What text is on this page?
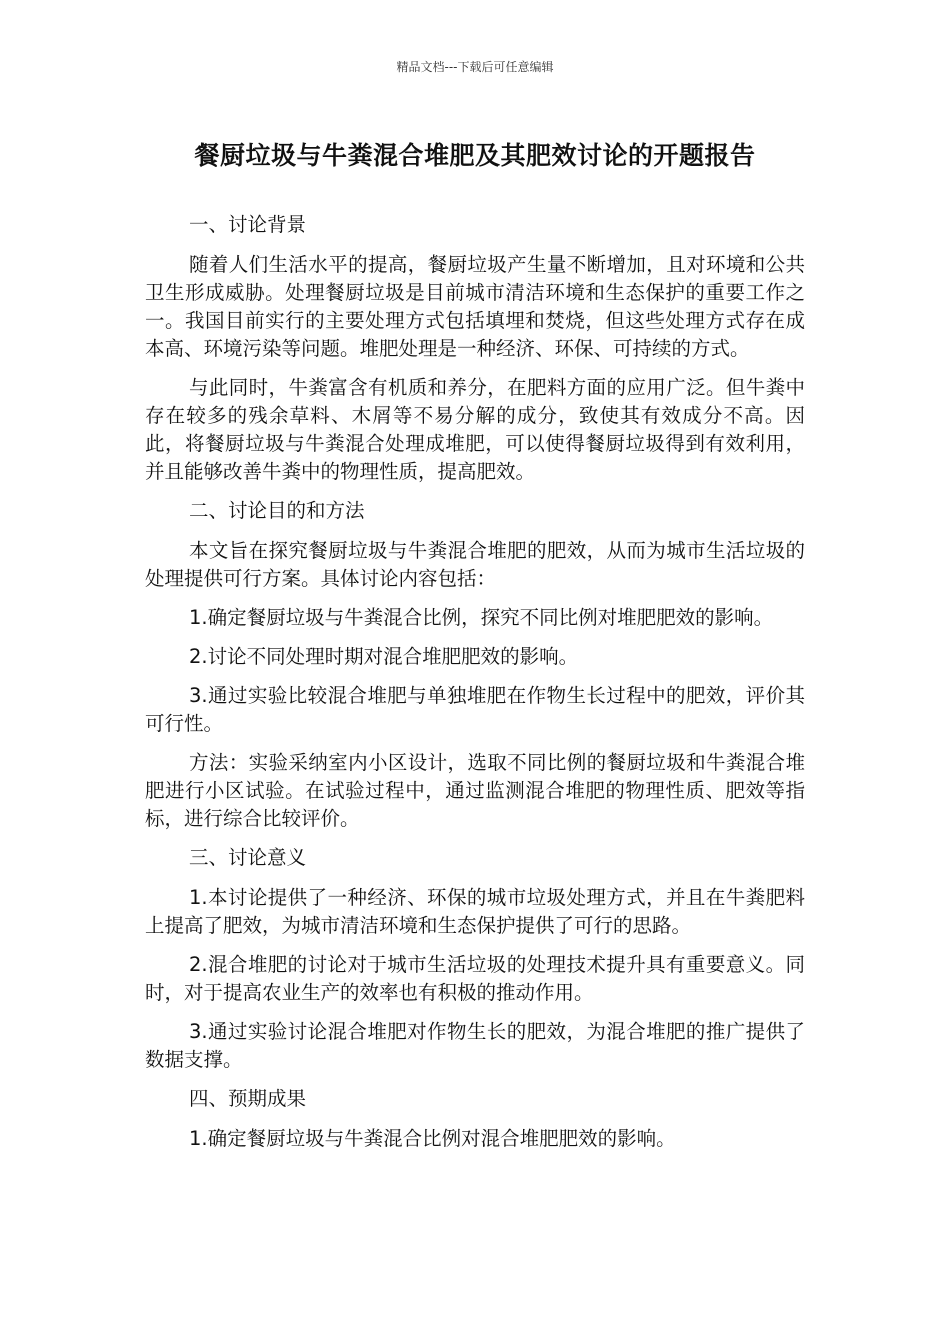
精品文档---下载后可任意编辑
餐厨垃圾与牛粪混合堆肥及其肥效讨论的开题报告

一、讨论背景

随着人们生活水平的提高，餐厨垃圾产生量不断增加，且对环境和公共卫生形成威胁。处理餐厨垃圾是目前城市清洁环境和生态保护的重要工作之一。我国目前实行的主要处理方式包括填埋和焚烧，但这些处理方式存在成本高、环境污染等问题。堆肥处理是一种经济、环保、可持续的方式。

与此同时，牛粪富含有机质和养分，在肥料方面的应用广泛。但牛粪中存在较多的残余草料、木屑等不易分解的成分，致使其有效成分不高。因此，将餐厨垃圾与牛粪混合处理成堆肥，可以使得餐厨垃圾得到有效利用，并且能够改善牛粪中的物理性质，提高肥效。

二、讨论目的和方法

本文旨在探究餐厨垃圾与牛粪混合堆肥的肥效，从而为城市生活垃圾的处理提供可行方案。具体讨论内容包括：

1.确定餐厨垃圾与牛粪混合比例，探究不同比例对堆肥肥效的影响。

2.讨论不同处理时期对混合堆肥肥效的影响。

3.通过实验比较混合堆肥与单独堆肥在作物生长过程中的肥效，评价其可行性。

方法：实验采纳室内小区设计，选取不同比例的餐厨垃圾和牛粪混合堆肥进行小区试验。在试验过程中，通过监测混合堆肥的物理性质、肥效等指标，进行综合比较评价。

三、讨论意义

1.本讨论提供了一种经济、环保的城市垃圾处理方式，并且在牛粪肥料上提高了肥效，为城市清洁环境和生态保护提供了可行的思路。

2.混合堆肥的讨论对于城市生活垃圾的处理技术提升具有重要意义。同时，对于提高农业生产的效率也有积极的推动作用。

3.通过实验讨论混合堆肥对作物生长的肥效，为混合堆肥的推广提供了数据支撑。

四、预期成果

1.确定餐厨垃圾与牛粪混合比例对混合堆肥肥效的影响。
